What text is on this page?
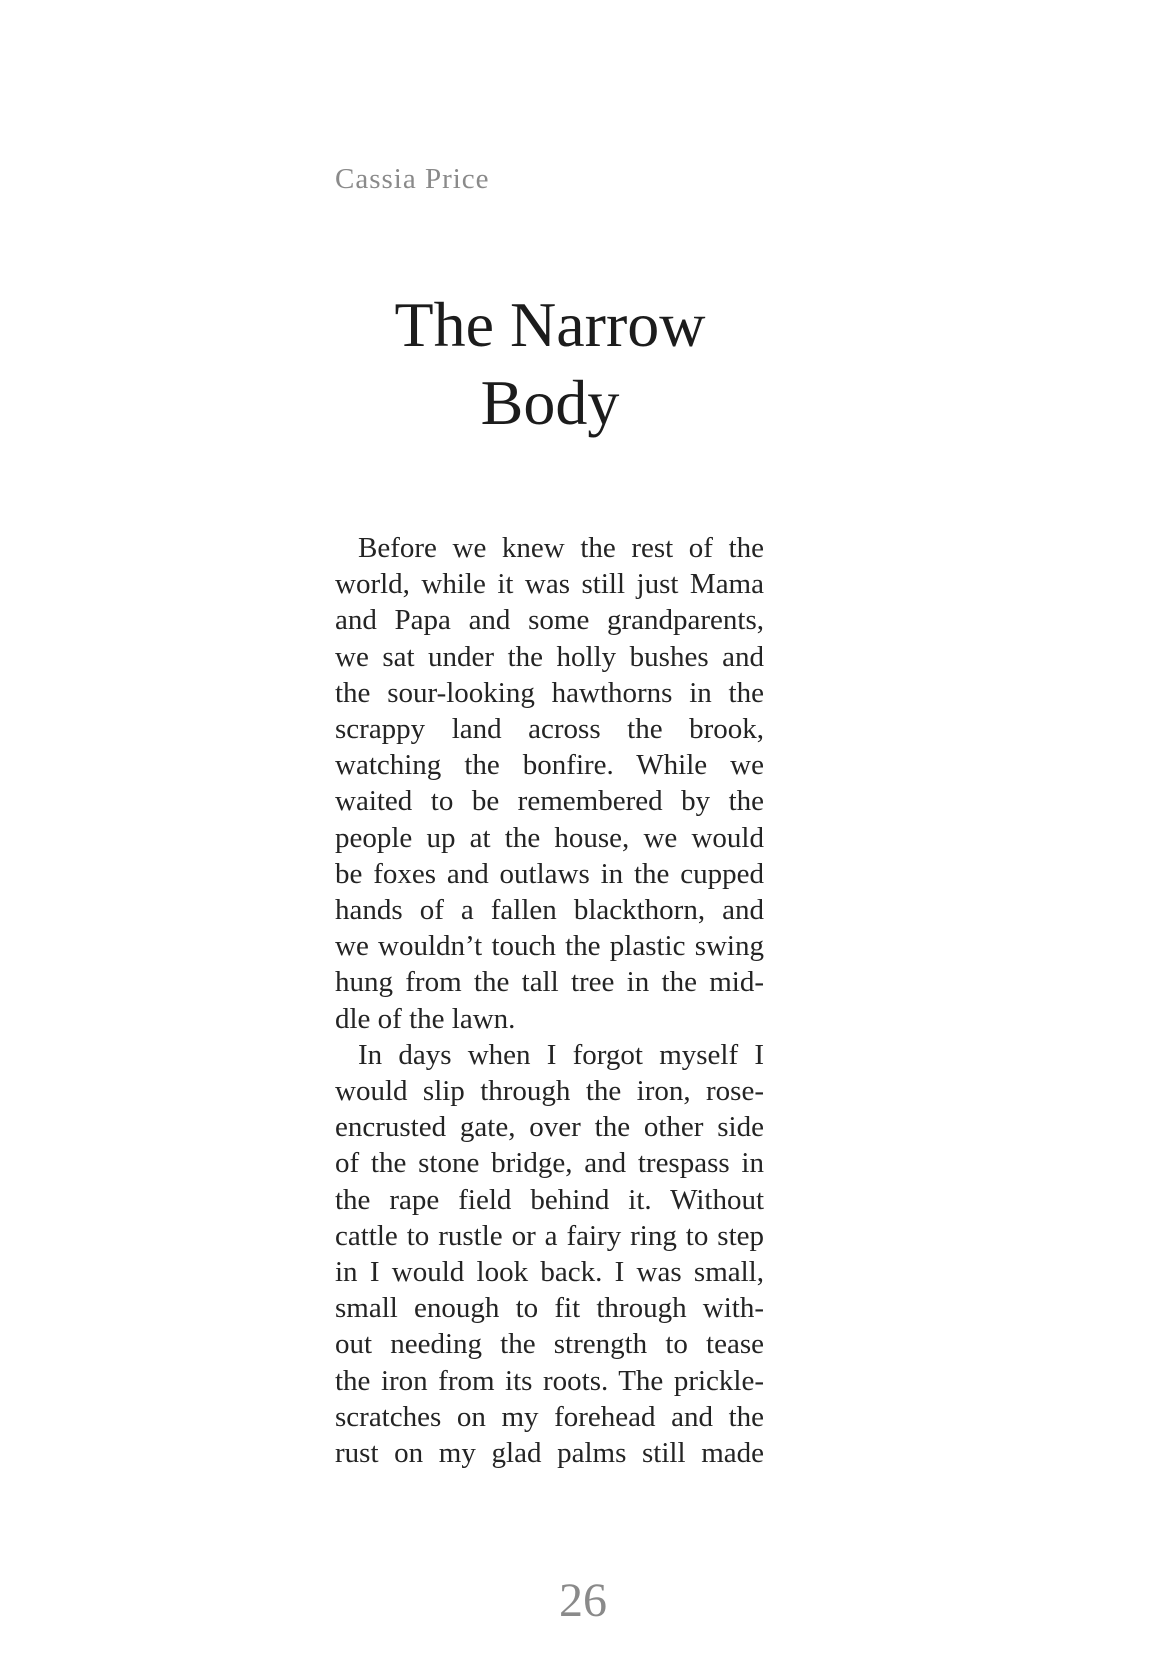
Cassia Price
The Narrow
Body
Before we knew the rest of the
world, while it was still just Mama
and Papa and some grandparents,
we sat under the holly bushes and
the sour-looking hawthorns in the
scrappy land across the brook,
watching the bonfire. While we
waited to be remembered by the
people up at the house, we would
be foxes and outlaws in the cupped
hands of a fallen blackthorn, and
we wouldn’t touch the plastic swing
hung from the tall tree in the mid-
dle of the lawn.
In days when I forgot myself I
would slip through the iron, rose-
encrusted gate, over the other side
of the stone bridge, and trespass in
the rape field behind it. Without
cattle to rustle or a fairy ring to step
in I would look back. I was small,
small enough to fit through with-
out needing the strength to tease
the iron from its roots. The prickle-
scratches on my forehead and the
rust on my glad palms still made
26
